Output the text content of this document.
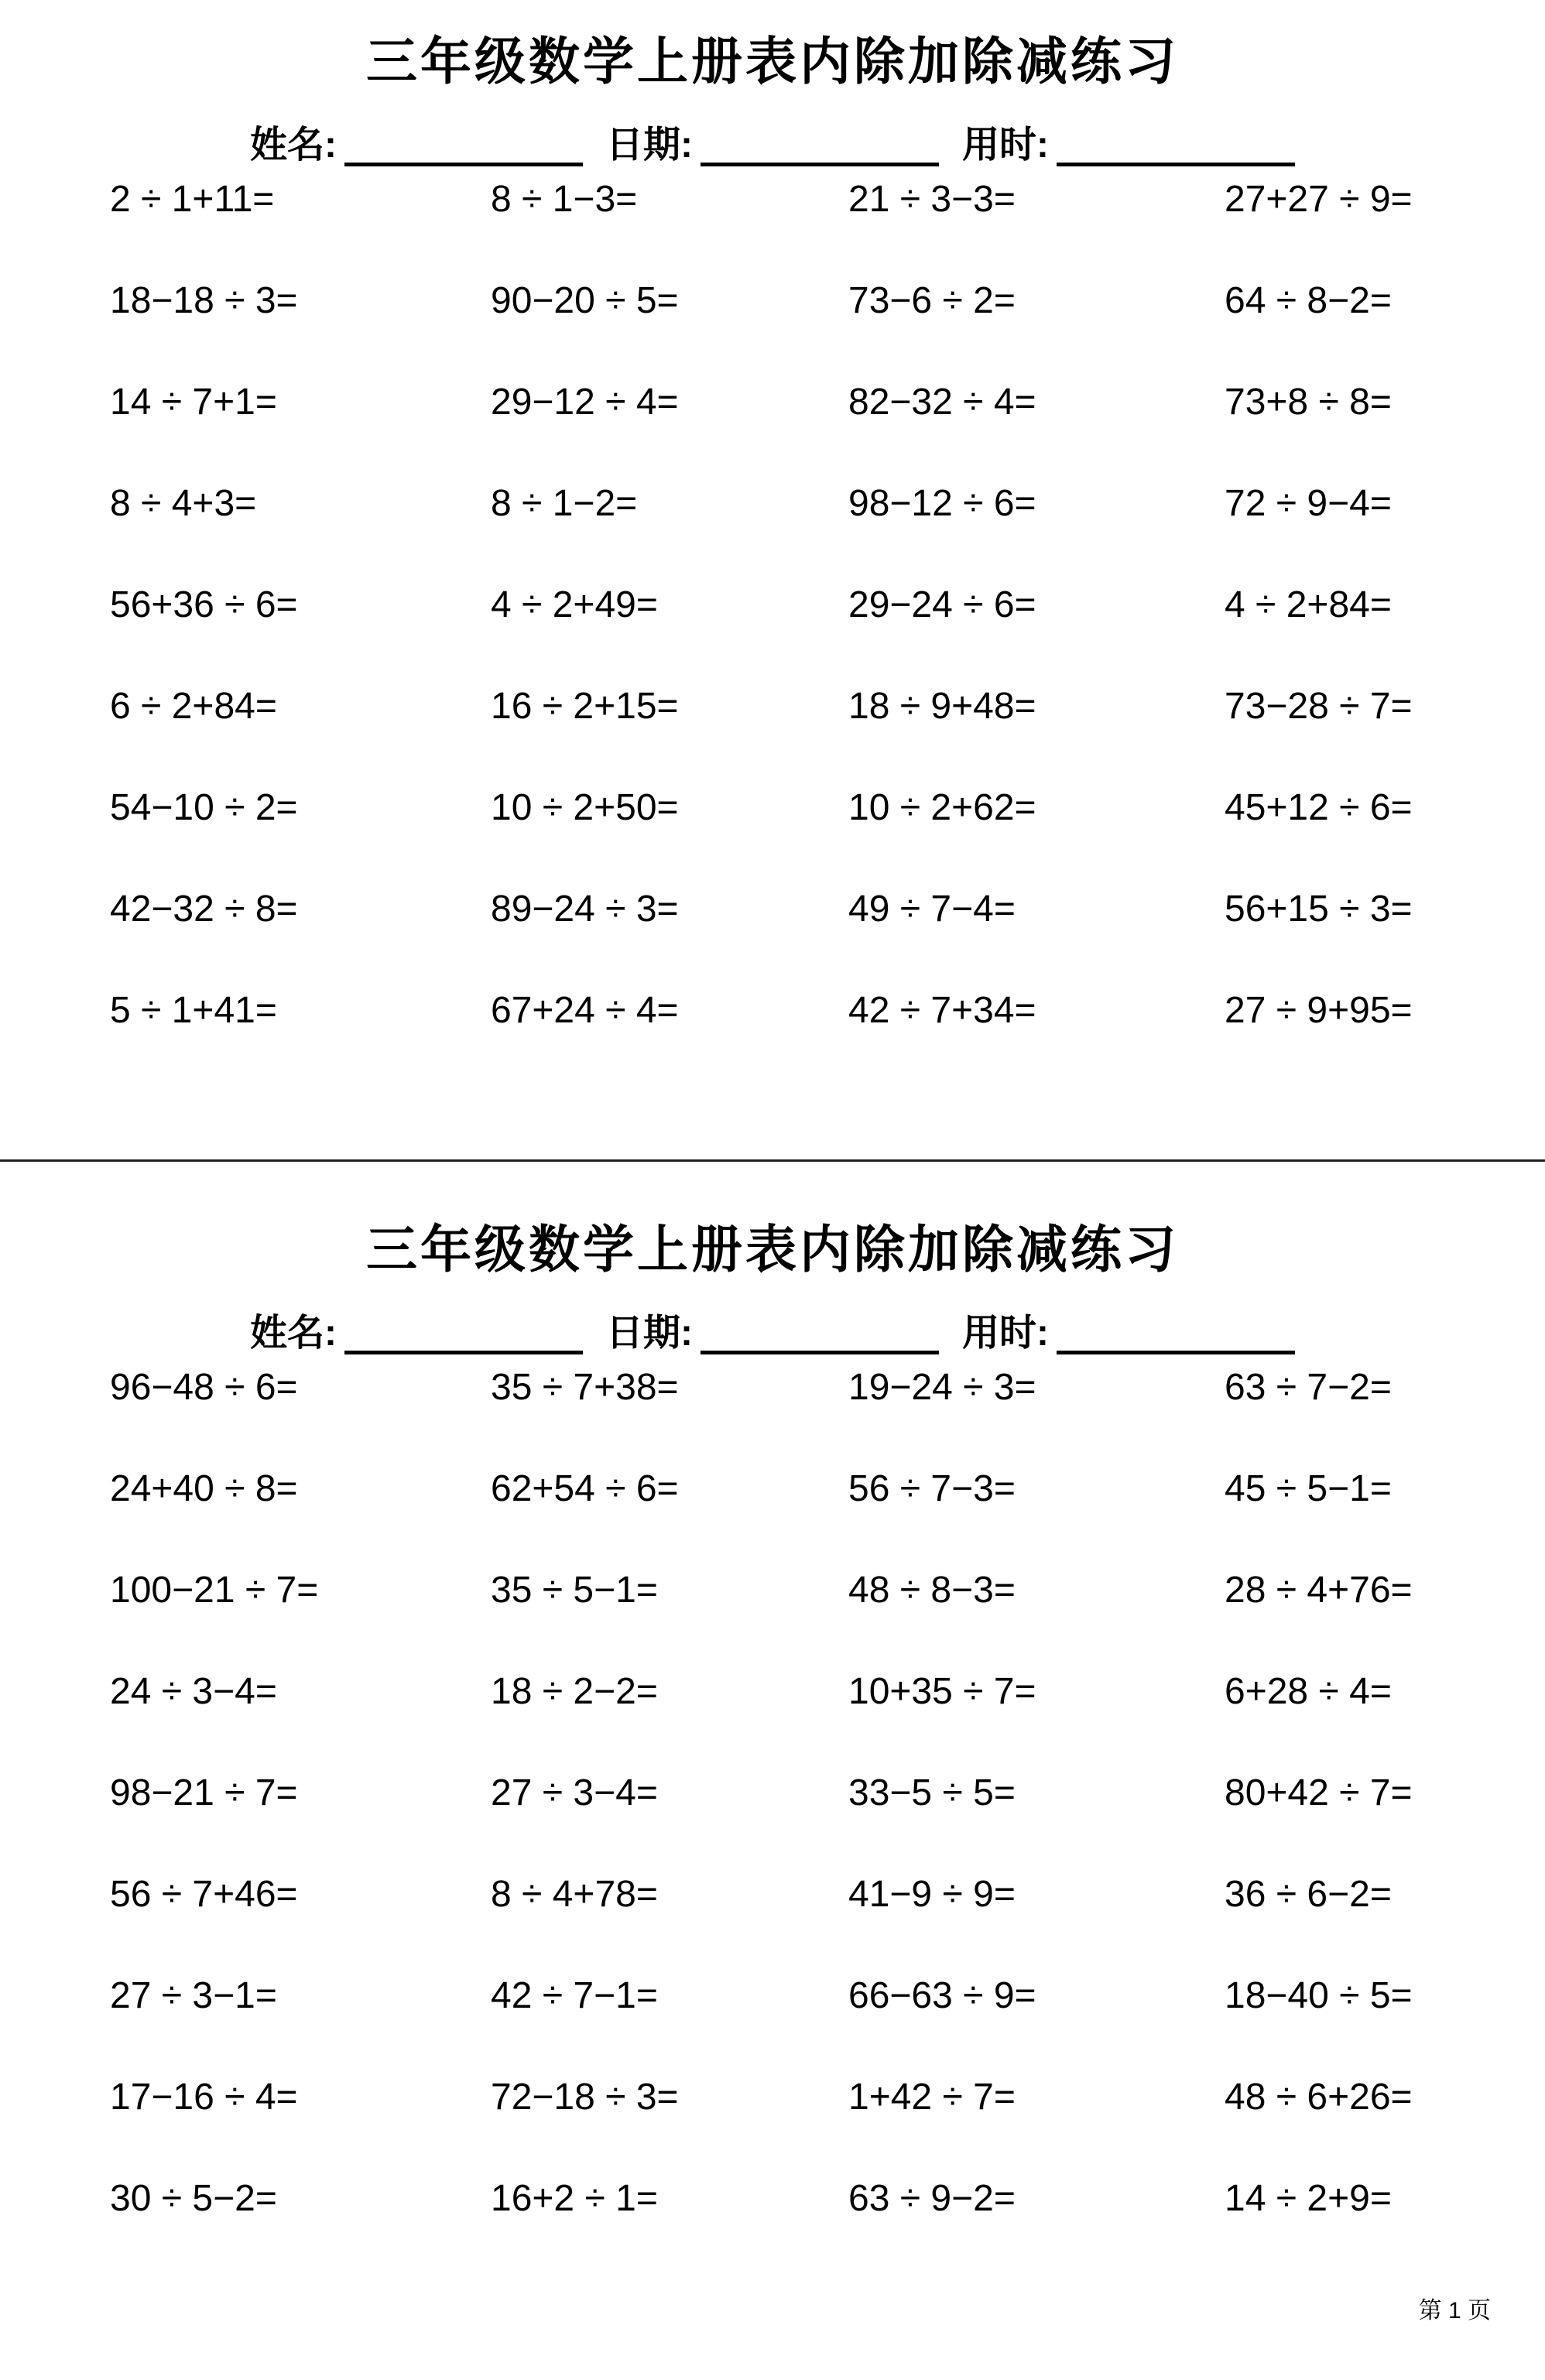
三年级数学上册表内除加除减练习
姓名:	日期:	用时:
2 ÷ 1+11=	8 ÷ 1−3=	21 ÷ 3−3=	27+27 ÷ 9=
18−18 ÷ 3=	90−20 ÷ 5=	73−6 ÷ 2=	64 ÷ 8−2=
14 ÷ 7+1=	29−12 ÷ 4=	82−32 ÷ 4=	73+8 ÷ 8=
8 ÷ 4+3=	8 ÷ 1−2=	98−12 ÷ 6=	72 ÷ 9−4=
56+36 ÷ 6=	4 ÷ 2+49=	29−24 ÷ 6=	4 ÷ 2+84=
6 ÷ 2+84=	16 ÷ 2+15=	18 ÷ 9+48=	73−28 ÷ 7=
54−10 ÷ 2=	10 ÷ 2+50=	10 ÷ 2+62=	45+12 ÷ 6=
42−32 ÷ 8=	89−24 ÷ 3=	49 ÷ 7−4=	56+15 ÷ 3=
5 ÷ 1+41=	67+24 ÷ 4=	42 ÷ 7+34=	27 ÷ 9+95=
三年级数学上册表内除加除减练习
姓名:	日期:	用时:
96−48 ÷ 6=	35 ÷ 7+38=	19−24 ÷ 3=	63 ÷ 7−2=
24+40 ÷ 8=	62+54 ÷ 6=	56 ÷ 7−3=	45 ÷ 5−1=
100−21 ÷ 7=	35 ÷ 5−1=	48 ÷ 8−3=	28 ÷ 4+76=
24 ÷ 3−4=	18 ÷ 2−2=	10+35 ÷ 7=	6+28 ÷ 4=
98−21 ÷ 7=	27 ÷ 3−4=	33−5 ÷ 5=	80+42 ÷ 7=
56 ÷ 7+46=	8 ÷ 4+78=	41−9 ÷ 9=	36 ÷ 6−2=
27 ÷ 3−1=	42 ÷ 7−1=	66−63 ÷ 9=	18−40 ÷ 5=
17−16 ÷ 4=	72−18 ÷ 3=	1+42 ÷ 7=	48 ÷ 6+26=
30 ÷ 5−2=	16+2 ÷ 1=	63 ÷ 9−2=	14 ÷ 2+9=
第 1 页
